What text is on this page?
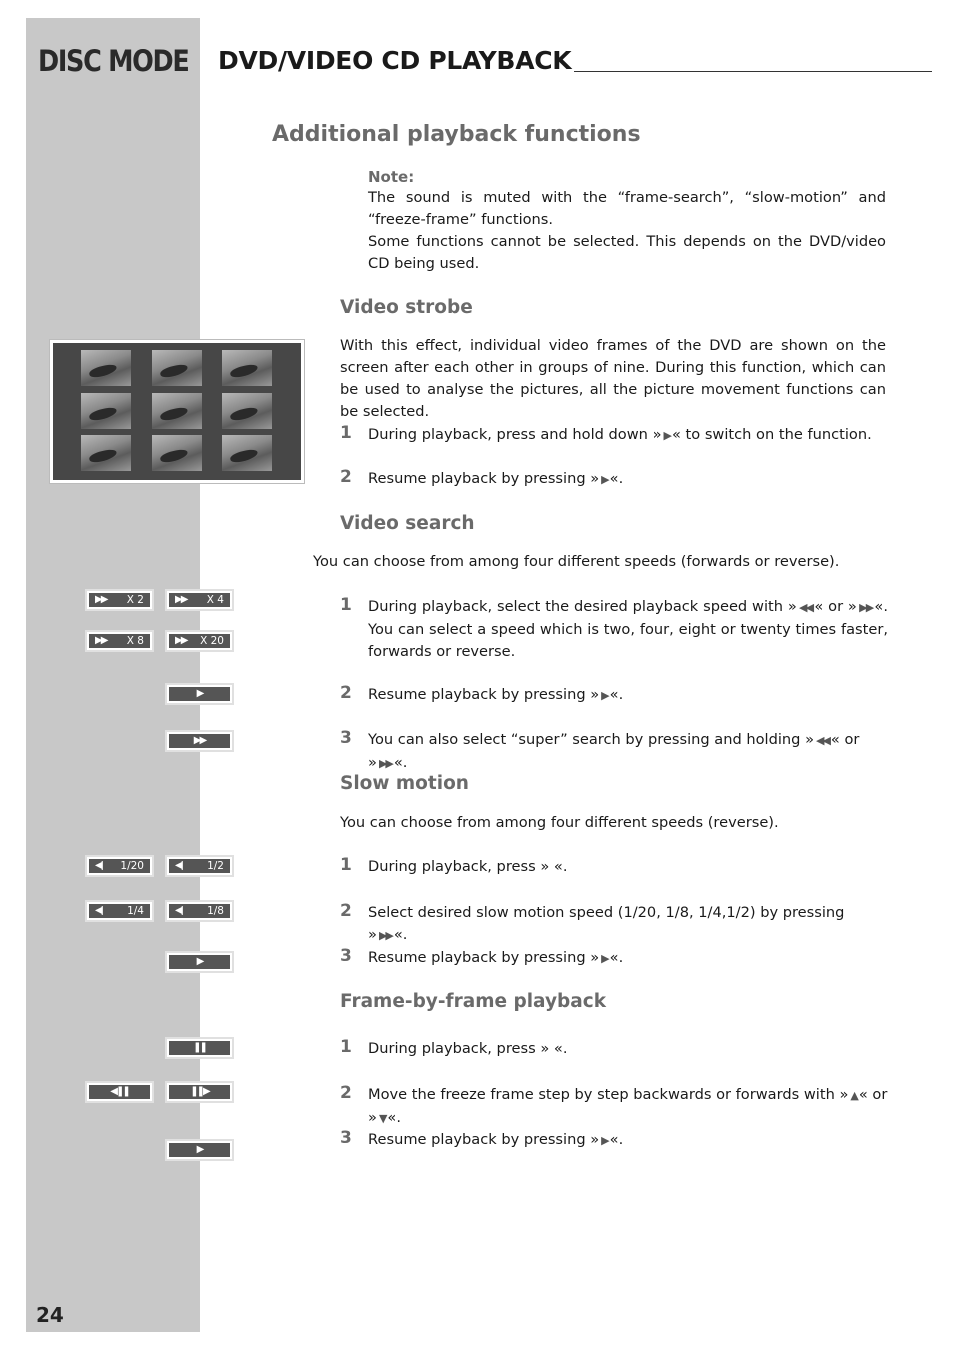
DISC MODE DVD/VIDEO CD PLAYBACK
Additional playback functions
Note:
The sound is muted with the “frame-search”, “slow-motion” and “freeze-frame” functions.
Some functions cannot be selected. This depends on the DVD/video CD being used.
Video strobe
With this effect, individual video frames of the DVD are shown on the screen after each other in groups of nine. During this function, which can be used to analyse the pictures, all the picture movement functions can be selected.
1 During playback, press and hold down » ▶ « to switch on the function.
2 Resume playback by pressing » ▶ «.
Video search
You can choose from among four different speeds (forwards or reverse).
▶▶ X 2	▶▶ X 4
▶▶ X 8	▶▶ X 20
▶
▶▶
1 During playback, select the desired playback speed with » ◀◀ « or » ▶▶ «. You can select a speed which is two, four, eight or twenty times faster, forwards or reverse.
2 Resume playback by pressing » ▶ «.
3 You can also select “super” search by pressing and holding » ◀◀ « or » ▶▶ «.
Slow motion
You can choose from among four different speeds (reverse).
◀ǀ 1/20	◀ǀ 1/2
◀ǀ 1/4	◀ǀ 1/8
▶
1 During playback, press » «.
2 Select desired slow motion speed (1/20, 1/8, 1/4,1/2) by pressing » ▶▶ «.
3 Resume playback by pressing » ▶ «.
Frame-by-frame playback
❚❚
◀❚❚	❚❚▶
▶
1 During playback, press » «.
2 Move the freeze frame step by step backwards or forwards with » ▲ « or » ▼ «.
3 Resume playback by pressing » ▶ «.
24
